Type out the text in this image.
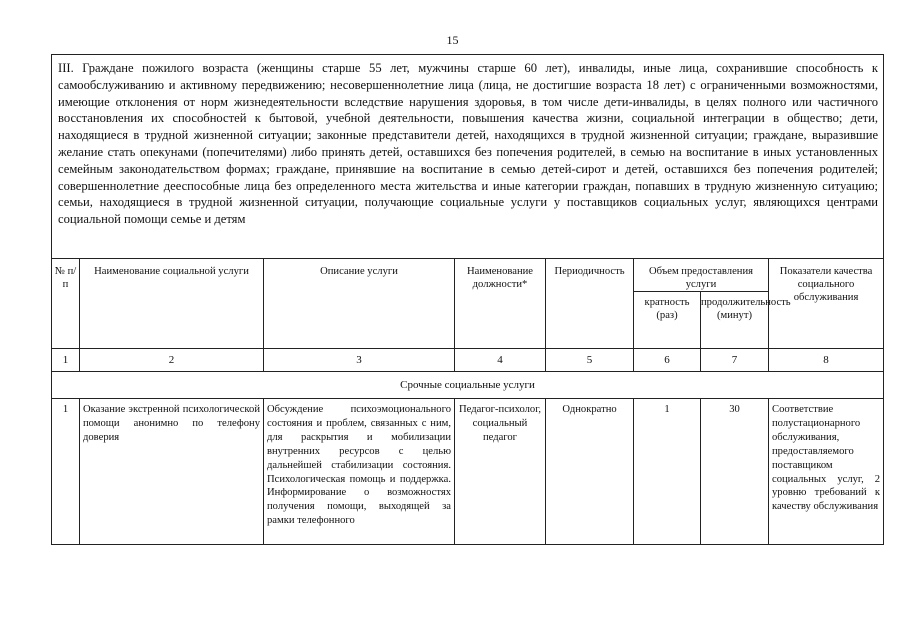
15
III. Граждане пожилого возраста (женщины старше 55 лет, мужчины старше 60 лет), инвалиды, иные лица, сохранившие способность к самообслуживанию и активному передвижению; несовершеннолетние лица (лица, не достигшие возраста 18 лет) с ограниченными возможностями, имеющие отклонения от норм жизнедеятельности вследствие нарушения здоровья, в том числе дети-инвалиды, в целях полного или частичного восстановления их способностей к бытовой, учебной деятельности, повышения качества жизни, социальной интеграции в общество; дети, находящиеся в трудной жизненной ситуации; законные представители детей, находящихся в трудной жизненной ситуации; граждане, выразившие желание стать опекунами (попечителями) либо принять детей, оставшихся без попечения родителей, в семью на воспитание в иных установленных семейным законодательством формах; граждане, принявшие на воспитание в семью детей-сирот и детей, оставшихся без попечения родителей; совершеннолетние дееспособные лица без определенного места жительства и иные категории граждан, попавших в трудную жизненную ситуацию; семьи, находящиеся в трудной жизненной ситуации, получающие социальные услуги у поставщиков социальных услуг, являющихся центрами социальной помощи семье и детям							
№ п/п	Наименование социальной услуги	Описание услуги	Наименование должности*	Периодичность	Объем предоставления услуги		Показатели качества социального обслуживания
					кратность (раз)	продолжительность (минут)	
1	2	3	4	5	6	7	8
Срочные социальные услуги							

1	Оказание экстренной психологической помощи анонимно по телефону доверия	Обсуждение психоэмоционального состояния и проблем, связанных с ним, для раскрытия и мобилизации внутренних ресурсов с целью дальнейшей стабилизации состояния. Психологическая помощь и поддержка. Информирование о возможностях получения помощи, выходящей за рамки телефонного	Педагог-психолог, социальный педагог	Однократно	1	30	Соответствие полустационарного обслуживания, предоставляемого поставщиком социальных услуг, 2 уровню требований к качеству обслуживания
